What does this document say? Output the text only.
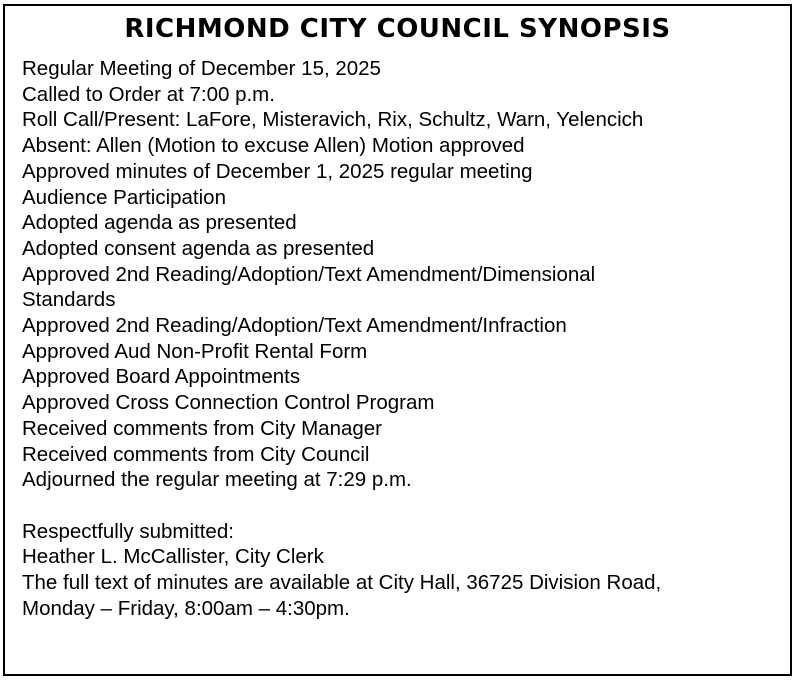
RICHMOND CITY COUNCIL SYNOPSIS
Regular Meeting of December 15, 2025
Called to Order at 7:00 p.m.
Roll Call/Present: LaFore, Misteravich, Rix, Schultz, Warn, Yelencich
Absent: Allen (Motion to excuse Allen) Motion approved
Approved minutes of December 1, 2025 regular meeting
Audience Participation
Adopted agenda as presented
Adopted consent agenda as presented
Approved 2nd Reading/Adoption/Text Amendment/Dimensional
Standards
Approved 2nd Reading/Adoption/Text Amendment/Infraction
Approved Aud Non-Profit Rental Form
Approved Board Appointments
Approved Cross Connection Control Program
Received comments from City Manager
Received comments from City Council
Adjourned the regular meeting at 7:29 p.m.
Respectfully submitted:
Heather L. McCallister, City Clerk
The full text of minutes are available at City Hall, 36725 Division Road,
Monday – Friday, 8:00am – 4:30pm.
